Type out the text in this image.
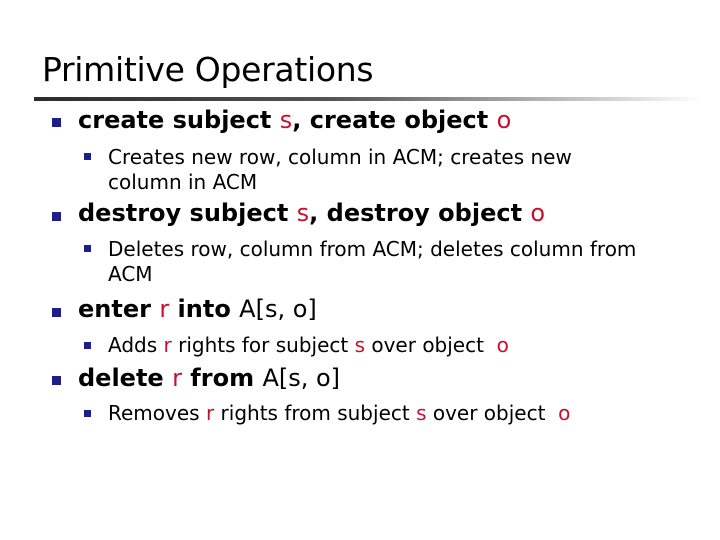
Primitive Operations
create subject s, create object o
Creates new row, column in ACM; creates new
column in ACM
destroy subject s, destroy object o
Deletes row, column from ACM; deletes column from
ACM
enter r into A[s, o]
Adds r rights for subject s over object  o
delete r from A[s, o]
Removes r rights from subject s over object  o
